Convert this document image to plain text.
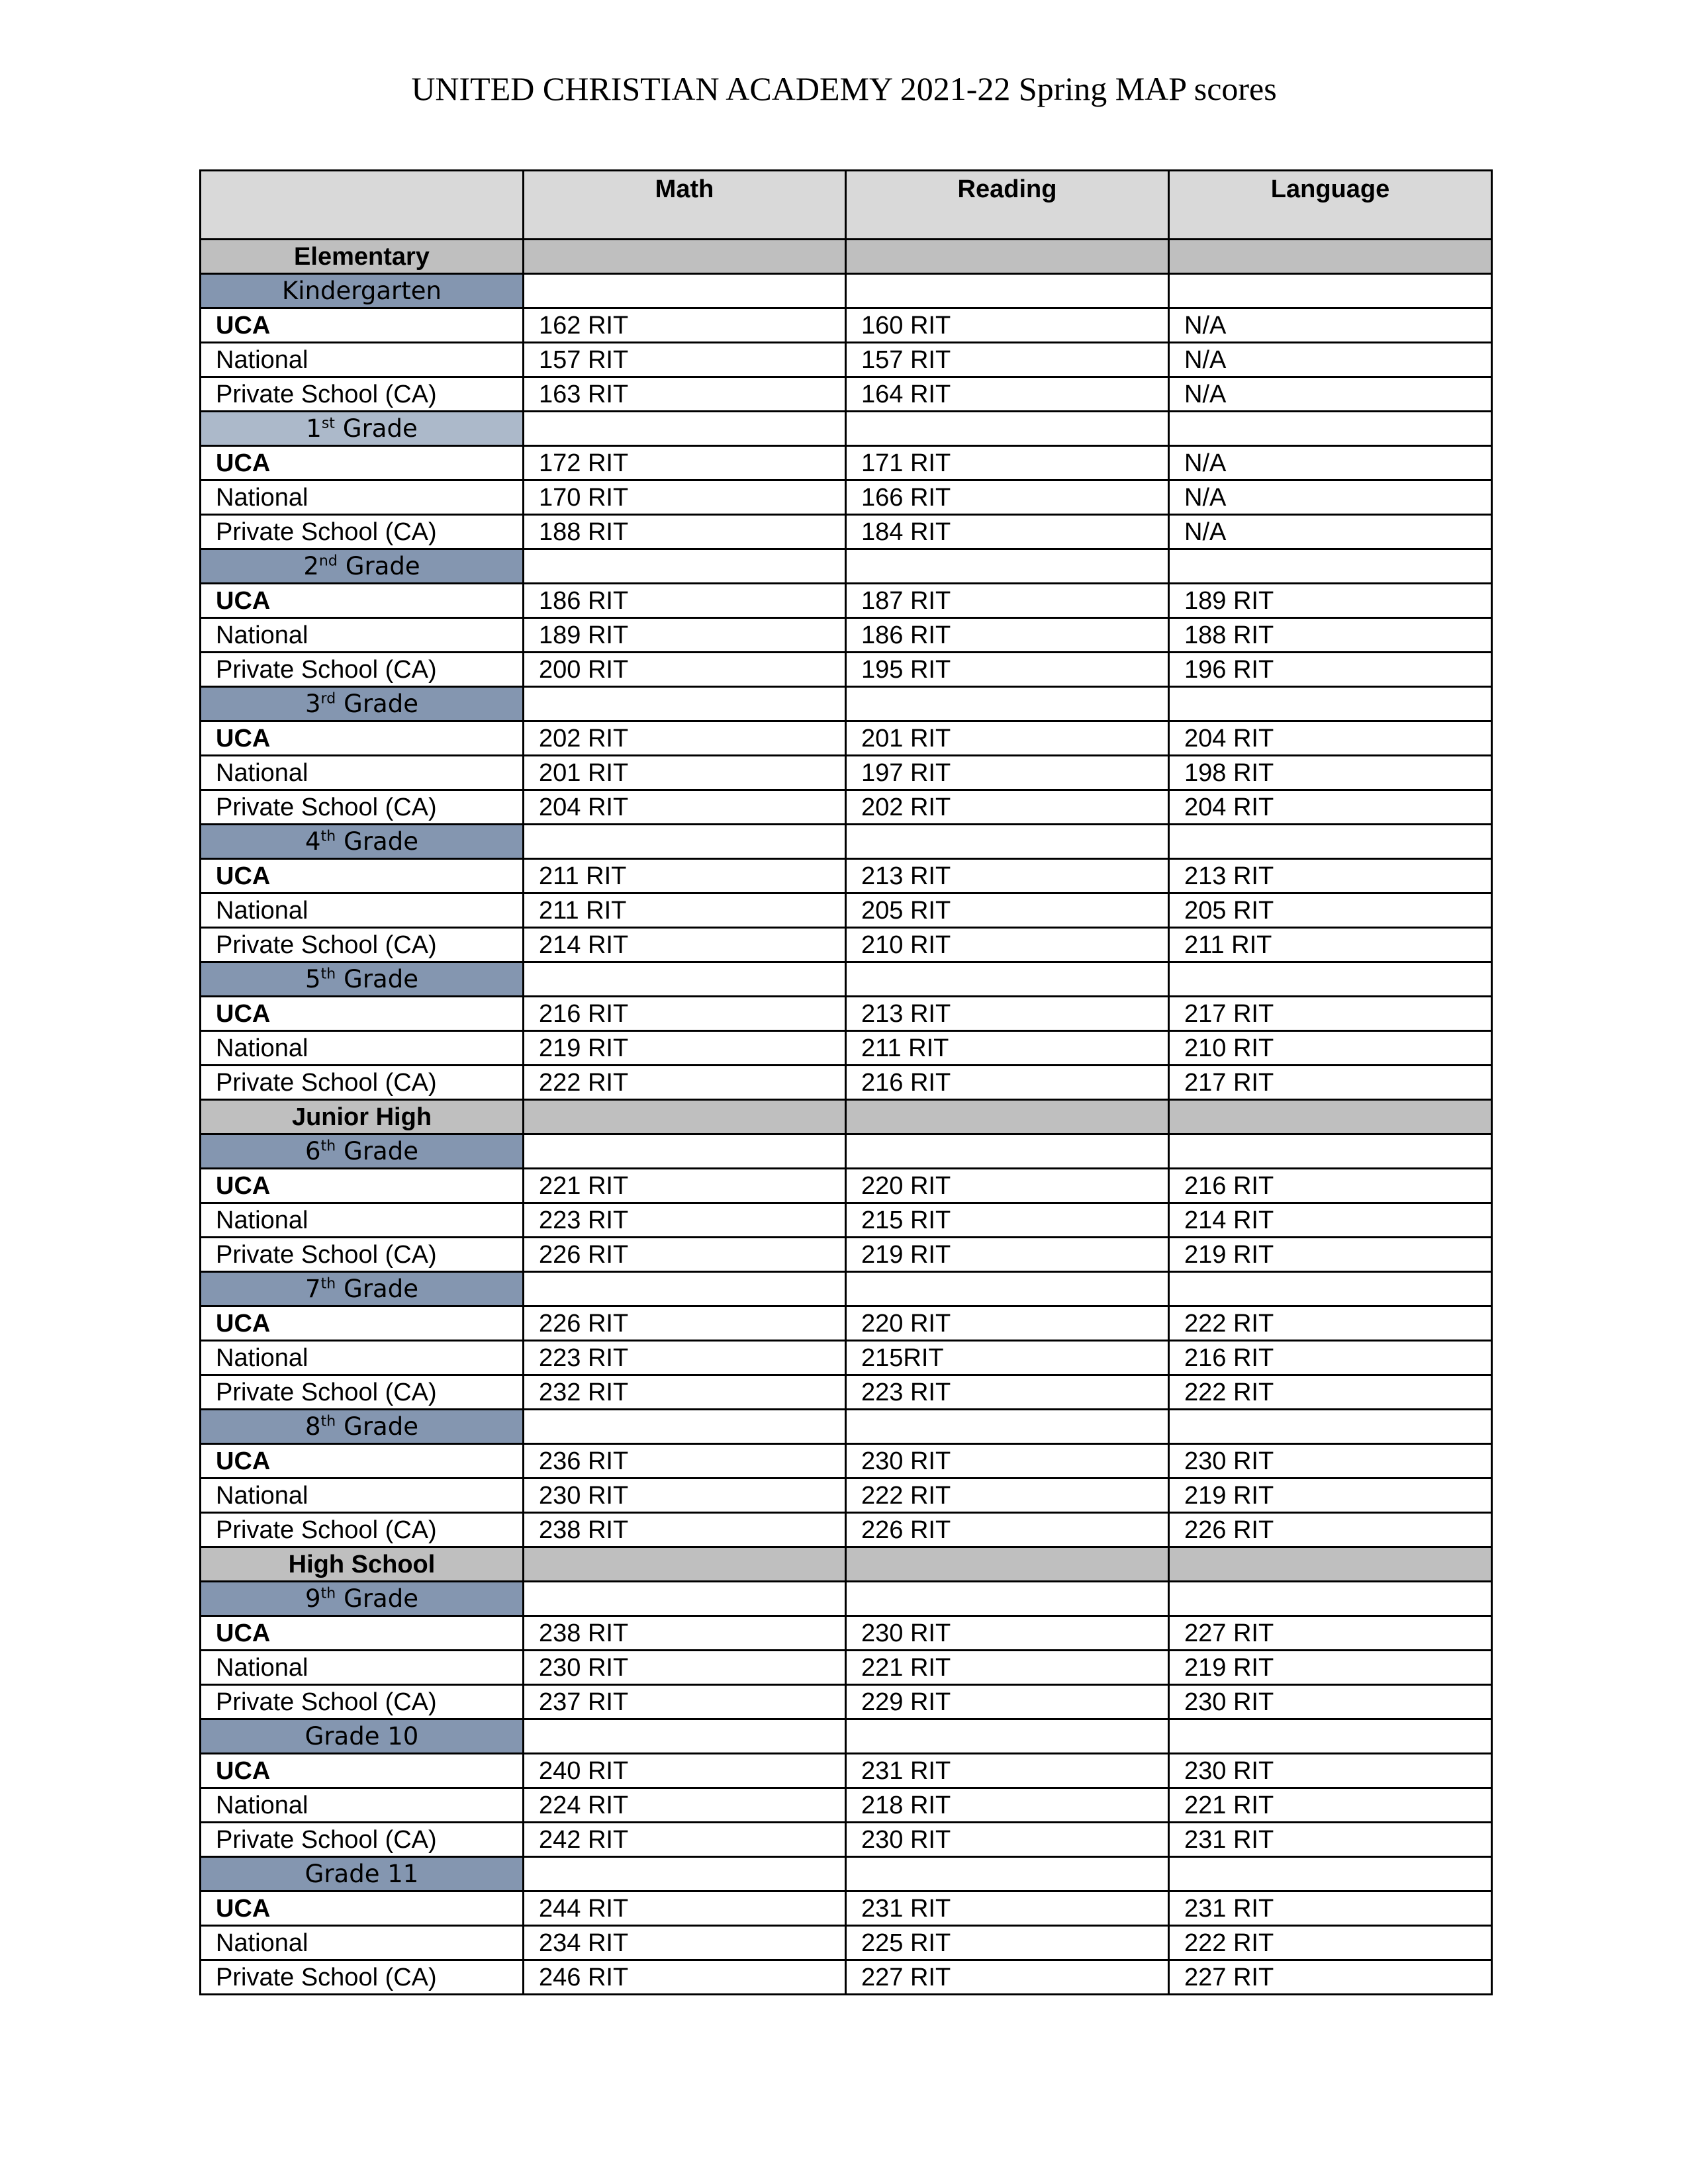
UNITED CHRISTIAN ACADEMY 2021-22 Spring MAP scores
	Math	Reading	Language
Elementary			
Kindergarten			
UCA	162 RIT	160 RIT	N/A
National	157 RIT	157 RIT	N/A
Private School (CA)	163 RIT	164 RIT	N/A
1st Grade			
UCA	172 RIT	171 RIT	N/A
National	170 RIT	166 RIT	N/A
Private School (CA)	188 RIT	184 RIT	N/A
2nd Grade			
UCA	186 RIT	187 RIT	189 RIT
National	189 RIT	186 RIT	188 RIT
Private School (CA)	200 RIT	195 RIT	196 RIT
3rd Grade			
UCA	202 RIT	201 RIT	204 RIT
National	201 RIT	197 RIT	198 RIT
Private School (CA)	204 RIT	202 RIT	204 RIT
4th Grade			
UCA	211 RIT	213 RIT	213 RIT
National	211 RIT	205 RIT	205 RIT
Private School (CA)	214 RIT	210 RIT	211 RIT
5th Grade			
UCA	216 RIT	213 RIT	217 RIT
National	219 RIT	211 RIT	210 RIT
Private School (CA)	222 RIT	216 RIT	217 RIT
Junior High			
6th Grade			
UCA	221 RIT	220 RIT	216 RIT
National	223 RIT	215 RIT	214 RIT
Private School (CA)	226 RIT	219 RIT	219 RIT
7th Grade			
UCA	226 RIT	220 RIT	222 RIT
National	223 RIT	215RIT	216 RIT
Private School (CA)	232 RIT	223 RIT	222 RIT
8th Grade			
UCA	236 RIT	230 RIT	230 RIT
National	230 RIT	222 RIT	219 RIT
Private School (CA)	238 RIT	226 RIT	226 RIT
High School			
9th Grade			
UCA	238 RIT	230 RIT	227 RIT
National	230 RIT	221 RIT	219 RIT
Private School (CA)	237 RIT	229 RIT	230 RIT
Grade 10			
UCA	240 RIT	231 RIT	230 RIT
National	224 RIT	218 RIT	221 RIT
Private School (CA)	242 RIT	230 RIT	231 RIT
Grade 11			
UCA	244 RIT	231 RIT	231 RIT
National	234 RIT	225 RIT	222 RIT
Private School (CA)	246 RIT	227 RIT	227 RIT
